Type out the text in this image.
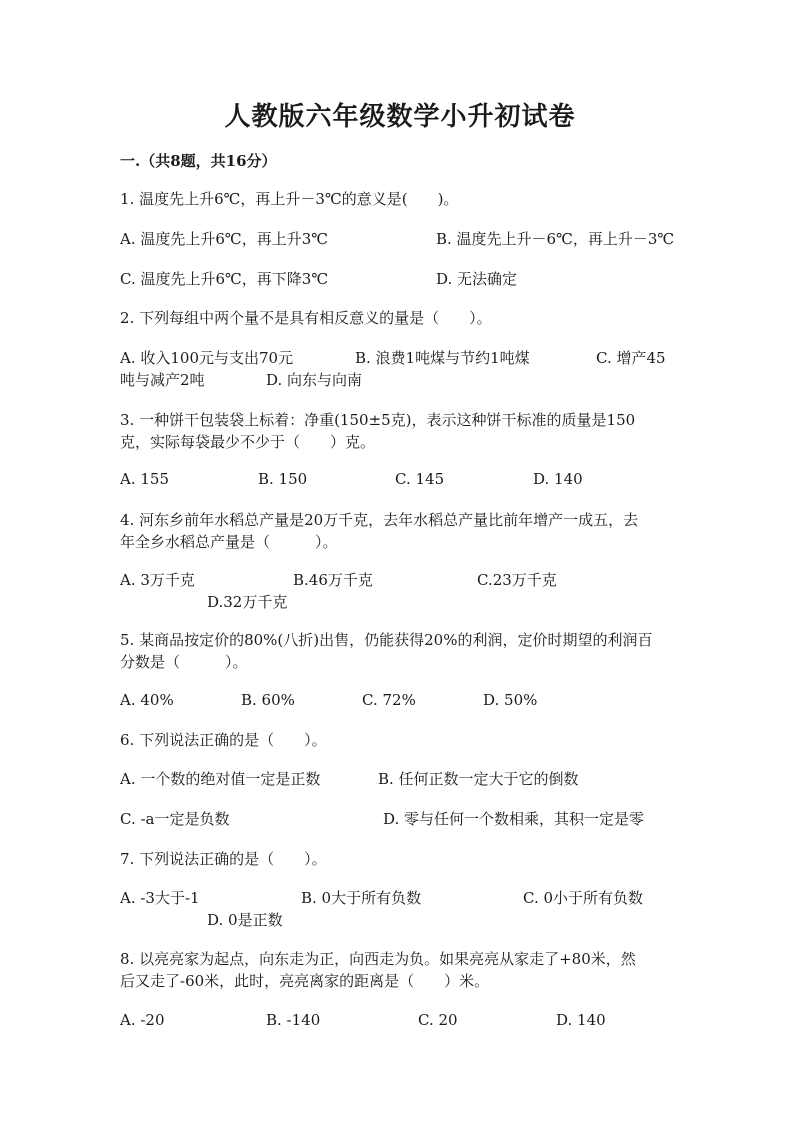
人教版六年级数学小升初试卷
一.（共8题，共16分）
1. 温度先上升6℃，再上升－3℃的意义是(　　)。
A. 温度先上升6℃，再上升3℃	B. 温度先上升－6℃，再上升－3℃
C. 温度先上升6℃，再下降3℃	D. 无法确定
2. 下列每组中两个量不是具有相反意义的量是（　　）。
A. 收入100元与支出70元	B. 浪费1吨煤与节约1吨煤	C. 增产45
吨与减产2吨	D. 向东与向南
3. 一种饼干包装袋上标着：净重(150±5克)，表示这种饼干标准的质量是150
克，实际每袋最少不少于（　　）克。
A. 155	B. 150	C. 145	D. 140
4. 河东乡前年水稻总产量是20万千克，去年水稻总产量比前年增产一成五，去
年全乡水稻总产量是（　　　）。
A. 3万千克	B.46万千克	C.23万千克
D.32万千克
5. 某商品按定价的80%(八折)出售，仍能获得20%的利润，定价时期望的利润百
分数是（　　　）。
A. 40%	B. 60%	C. 72%	D. 50%
6. 下列说法正确的是（　　）。
A. 一个数的绝对值一定是正数	B. 任何正数一定大于它的倒数
C. -a一定是负数	D. 零与任何一个数相乘，其积一定是零
7. 下列说法正确的是（　　）。
A. -3大于-1	B. 0大于所有负数	C. 0小于所有负数
D. 0是正数
8. 以亮亮家为起点，向东走为正，向西走为负。如果亮亮从家走了+80米，然
后又走了-60米，此时，亮亮离家的距离是（　　）米。
A. -20	B. -140	C. 20	D. 140
